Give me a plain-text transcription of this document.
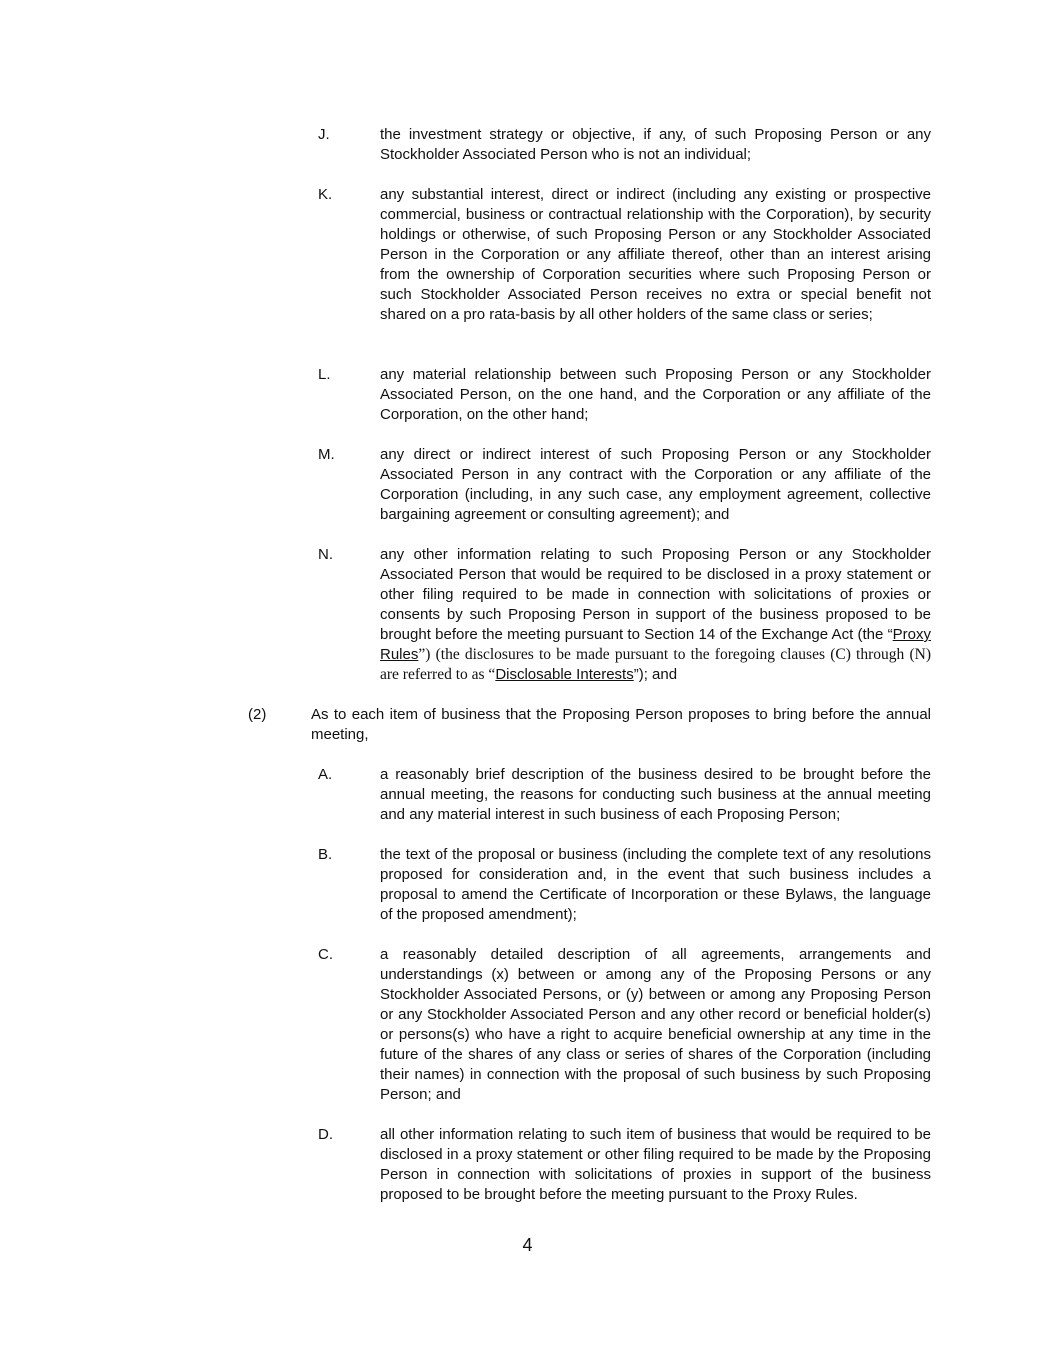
J.	the investment strategy or objective, if any, of such Proposing Person or any Stockholder Associated Person who is not an individual;
K.	any substantial interest, direct or indirect (including any existing or prospective commercial, business or contractual relationship with the Corporation), by security holdings or otherwise, of such Proposing Person or any Stockholder Associated Person in the Corporation or any affiliate thereof, other than an interest arising from the ownership of Corporation securities where such Proposing Person or such Stockholder Associated Person receives no extra or special benefit not shared on a pro rata-basis by all other holders of the same class or series;
L.	any material relationship between such Proposing Person or any Stockholder Associated Person, on the one hand, and the Corporation or any affiliate of the Corporation, on the other hand;
M.	any direct or indirect interest of such Proposing Person or any Stockholder Associated Person in any contract with the Corporation or any affiliate of the Corporation (including, in any such case, any employment agreement, collective bargaining agreement or consulting agreement); and
N.	any other information relating to such Proposing Person or any Stockholder Associated Person that would be required to be disclosed in a proxy statement or other filing required to be made in connection with solicitations of proxies or consents by such Proposing Person in support of the business proposed to be brought before the meeting pursuant to Section 14 of the Exchange Act (the “Proxy Rules”) (the disclosures to be made pursuant to the foregoing clauses (C) through (N) are referred to as “Disclosable Interests”); and
(2)	As to each item of business that the Proposing Person proposes to bring before the annual meeting,
A.	a reasonably brief description of the business desired to be brought before the annual meeting, the reasons for conducting such business at the annual meeting and any material interest in such business of each Proposing Person;
B.	the text of the proposal or business (including the complete text of any resolutions proposed for consideration and, in the event that such business includes a proposal to amend the Certificate of Incorporation or these Bylaws, the language of the proposed amendment);
C.	a reasonably detailed description of all agreements, arrangements and understandings (x) between or among any of the Proposing Persons or any Stockholder Associated Persons, or (y) between or among any Proposing Person or any Stockholder Associated Person and any other record or beneficial holder(s) or persons(s) who have a right to acquire beneficial ownership at any time in the future of the shares of any class or series of shares of the Corporation (including their names) in connection with the proposal of such business by such Proposing Person; and
D.	all other information relating to such item of business that would be required to be disclosed in a proxy statement or other filing required to be made by the Proposing Person in connection with solicitations of proxies in support of the business proposed to be brought before the meeting pursuant to the Proxy Rules.
4
